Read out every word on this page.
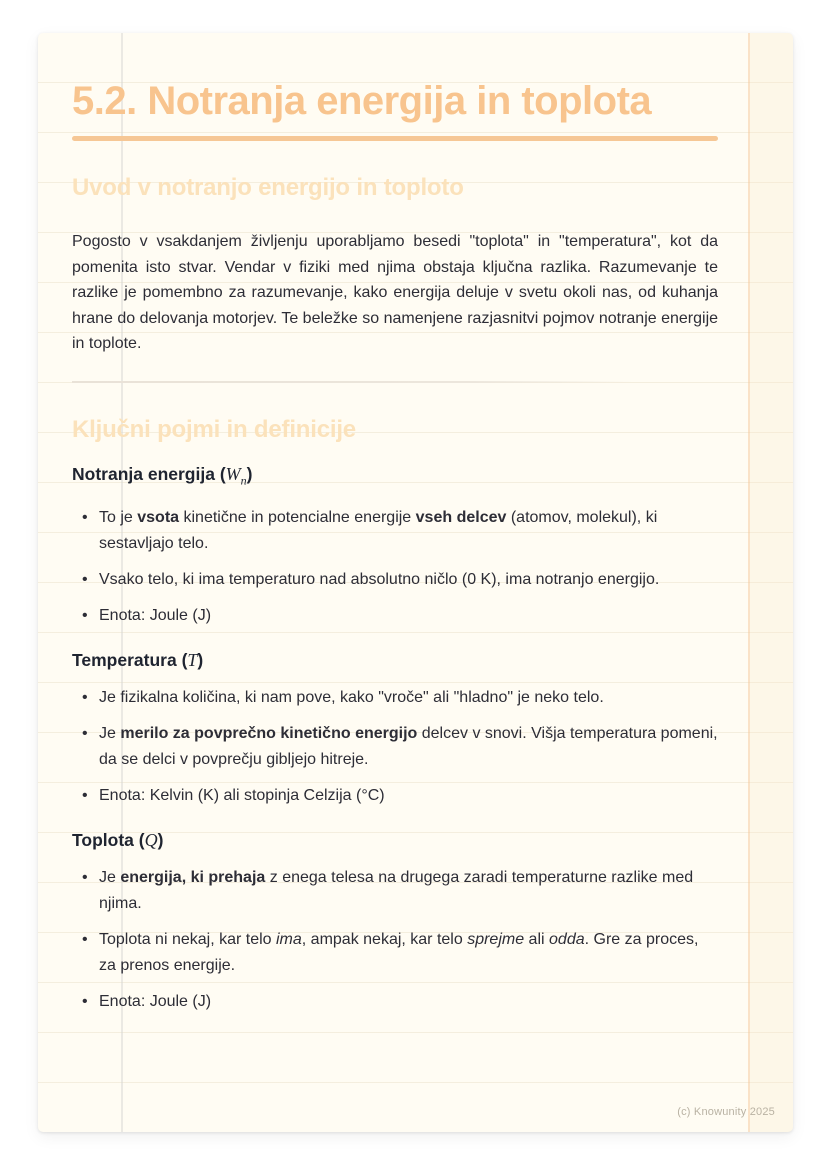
5.2. Notranja energija in toplota
Uvod v notranjo energijo in toploto

Pogosto v vsakdanjem življenju uporabljamo besedi "toplota" in "temperatura", kot da pomenita isto stvar. Vendar v fiziki med njima obstaja ključna razlika. Razumevanje te razlike je pomembno za razumevanje, kako energija deluje v svetu okoli nas, od kuhanja hrane do delovanja motorjev. Te beležke so namenjene razjasnitvi pojmov notranje energije in toplote.

Ključni pojmi in definicije
Notranja energija $(W_n)$
• To je vsota kinetične in potencialne energije vseh delcev (atomov, molekul), ki sestavljajo telo.
• Vsako telo, ki ima temperaturo nad absolutno ničlo (0 K), ima notranjo energijo.
• Enota: Joule (J)
Temperatura (T)
• Je fizikalna količina, ki nam pove, kako "vroče" ali "hladno" je neko telo.
• Je merilo za povprečno kinetično energijo delcev v snovi. Višja temperatura pomeni, da se delci v povprečju gibljejo hitreje.
• Enota: Kelvin (K) ali stopinja Celzija (°C)
Toplota (Q)
• Je energija, ki prehaja z enega telesa na drugega zaradi temperaturne razlike med njima.
• Toplota ni nekaj, kar telo ima, ampak nekaj, kar telo sprejme ali odda. Gre za proces, za prenos energije.
• Enota: Joule (J)
(c) Knowunity 2025
